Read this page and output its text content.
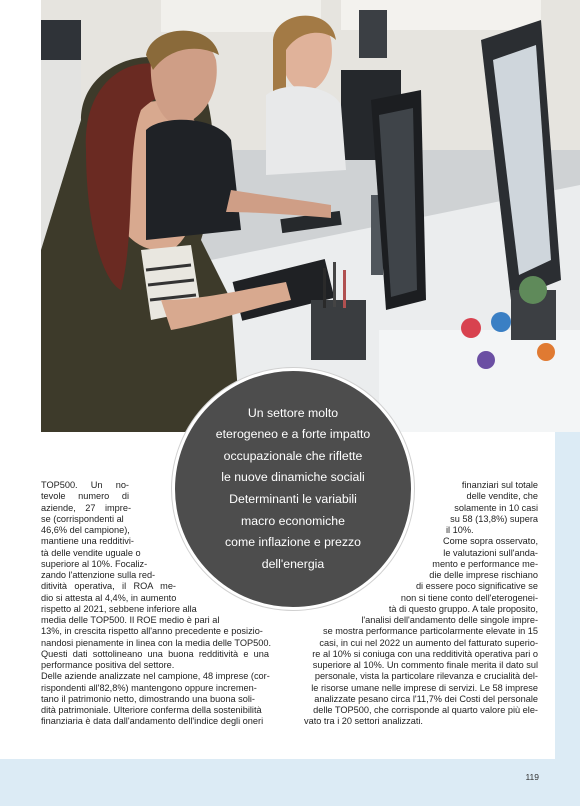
Un settore molto
eterogeneo e a forte impatto
occupazionale che riflette
le nuove dinamiche sociali
Determinanti le variabili
macro economiche
come inflazione e prezzo
dell'energia
TOP500. Un no-
tevole numero di
aziende, 27 impre-
se (corrispondenti al
46,6% del campione),
mantiene una redditivi-
tà delle vendite uguale o
superiore al 10%. Focaliz-
zando l'attenzione sulla red-
ditività operativa, il ROA me-
dio si attesta al 4,4%, in aumento
rispetto al 2021, sebbene inferiore alla
media delle TOP500. Il ROE medio è pari al
13%, in crescita rispetto all'anno precedente e posizio-
nandosi pienamente in linea con la media delle TOP500.
Questi dati sottolineano una buona redditività e una
performance positiva del settore.
Delle aziende analizzate nel campione, 48 imprese (cor-
rispondenti all'82,8%) mantengono oppure incremen-
tano il patrimonio netto, dimostrando una buona soli-
dità patrimoniale. Ulteriore conferma della sostenibilità
finanziaria è data dall'andamento dell'indice degli oneri
finanziari sul totale
delle vendite, che
solamente in 10 casi
su 58 (13,8%) supera
il 10%.
Come sopra osservato,
le valutazioni sull'anda-
mento e performance me-
die delle imprese rischiano
di essere poco significative se
non si tiene conto dell'eterogenei-
tà di questo gruppo. A tale proposito,
l'analisi dell'andamento delle singole impre-
se mostra performance particolarmente elevate in 15
casi, in cui nel 2022 un aumento del fatturato superio-
re al 10% si coniuga con una redditività operativa pari o
superiore al 10%. Un commento finale merita il dato sul
personale, vista la particolare rilevanza e crucialità del-
le risorse umane nelle imprese di servizi. Le 58 imprese
analizzate pesano circa l'11,7% dei Costi del personale
delle TOP500, che corrisponde al quarto valore più ele-
vato tra i 20 settori analizzati.
119
